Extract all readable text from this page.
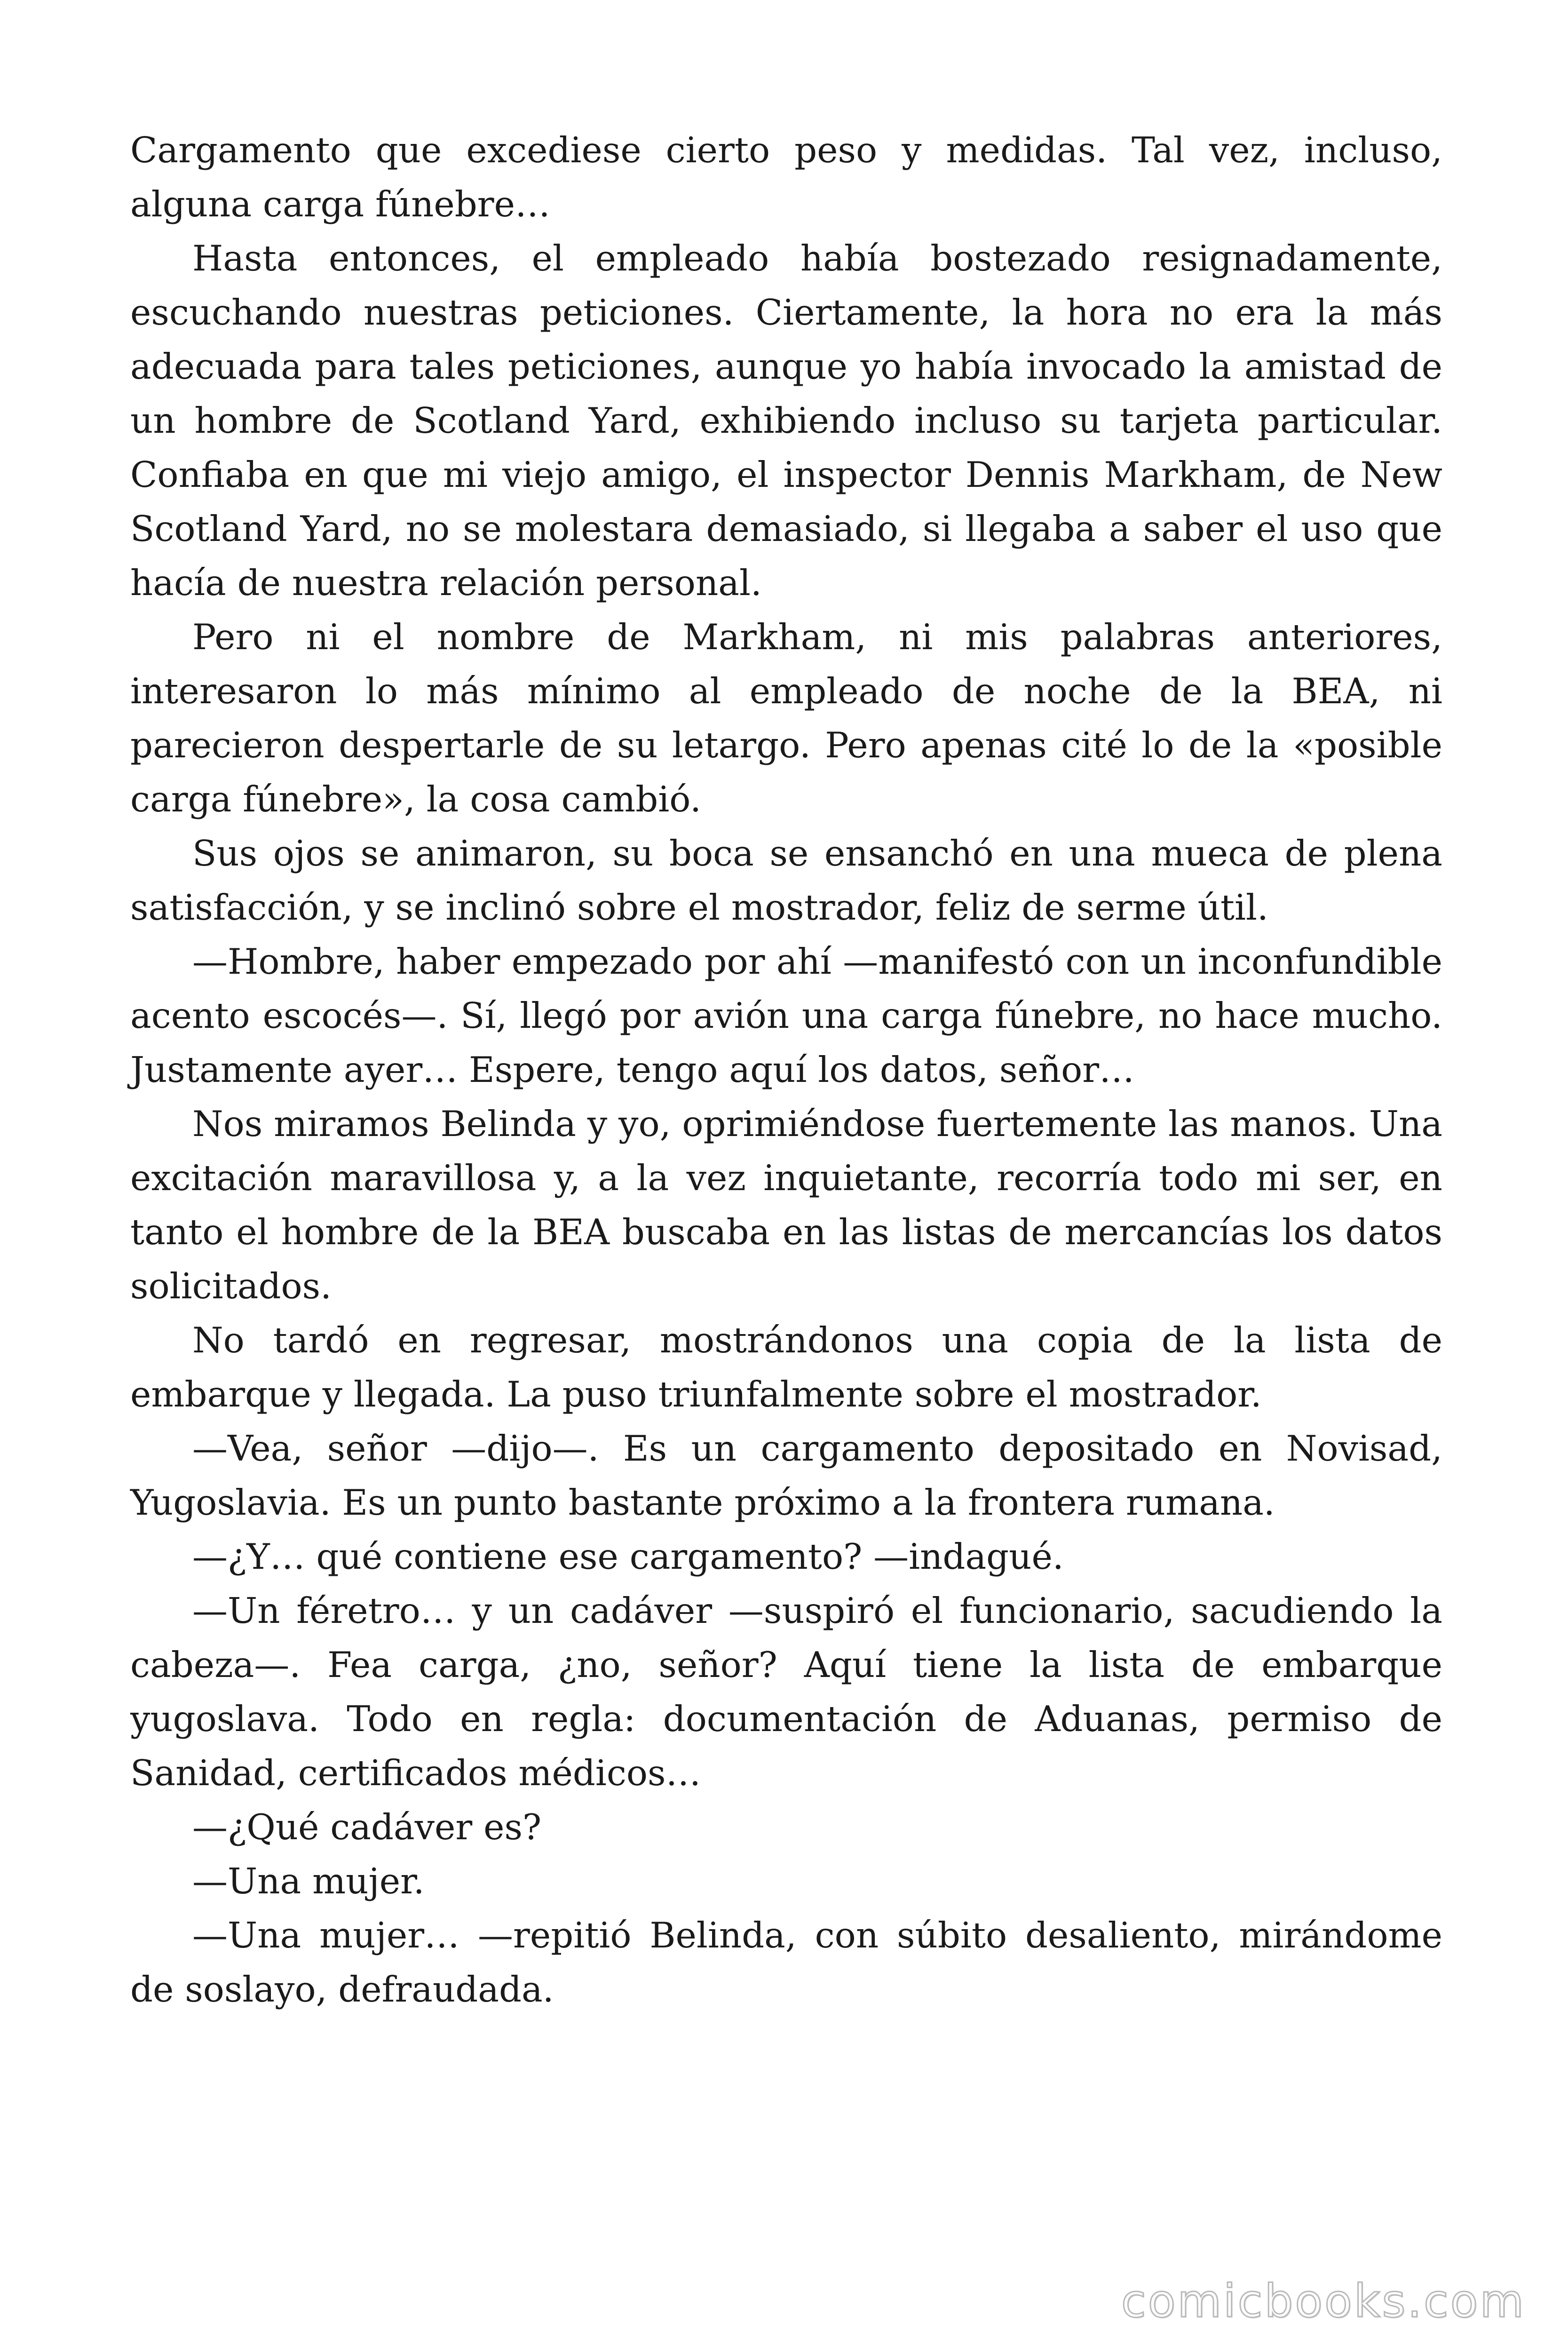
Cargamento que excediese cierto peso y medidas. Tal vez, incluso, alguna carga fúnebre…

Hasta entonces, el empleado había bostezado resignadamente, escuchando nuestras peticiones. Ciertamente, la hora no era la más adecuada para tales peticiones, aunque yo había invocado la amistad de un hombre de Scotland Yard, exhibiendo incluso su tarjeta particular. Confiaba en que mi viejo amigo, el inspector Dennis Markham, de New Scotland Yard, no se molestara demasiado, si llegaba a saber el uso que hacía de nuestra relación personal.

Pero ni el nombre de Markham, ni mis palabras anteriores, interesaron lo más mínimo al empleado de noche de la BEA, ni parecieron despertarle de su letargo. Pero apenas cité lo de la «posible carga fúnebre», la cosa cambió.

Sus ojos se animaron, su boca se ensanchó en una mueca de plena satisfacción, y se inclinó sobre el mostrador, feliz de serme útil.

—Hombre, haber empezado por ahí —manifestó con un inconfundible acento escocés—. Sí, llegó por avión una carga fúnebre, no hace mucho. Justamente ayer… Espere, tengo aquí los datos, señor…

Nos miramos Belinda y yo, oprimiéndose fuertemente las manos. Una excitación maravillosa y, a la vez inquietante, recorría todo mi ser, en tanto el hombre de la BEA buscaba en las listas de mercancías los datos solicitados.

No tardó en regresar, mostrándonos una copia de la lista de embarque y llegada. La puso triunfalmente sobre el mostrador.

—Vea, señor —dijo—. Es un cargamento depositado en Novisad, Yugoslavia. Es un punto bastante próximo a la frontera rumana.

—¿Y… qué contiene ese cargamento? —indagué.

—Un féretro… y un cadáver —suspiró el funcionario, sacudiendo la cabeza—. Fea carga, ¿no, señor? Aquí tiene la lista de embarque yugoslava. Todo en regla: documentación de Aduanas, permiso de Sanidad, certificados médicos…

—¿Qué cadáver es?

—Una mujer.

—Una mujer… —repitió Belinda, con súbito desaliento, mirándome de soslayo, defraudada.

comicbooks.com
